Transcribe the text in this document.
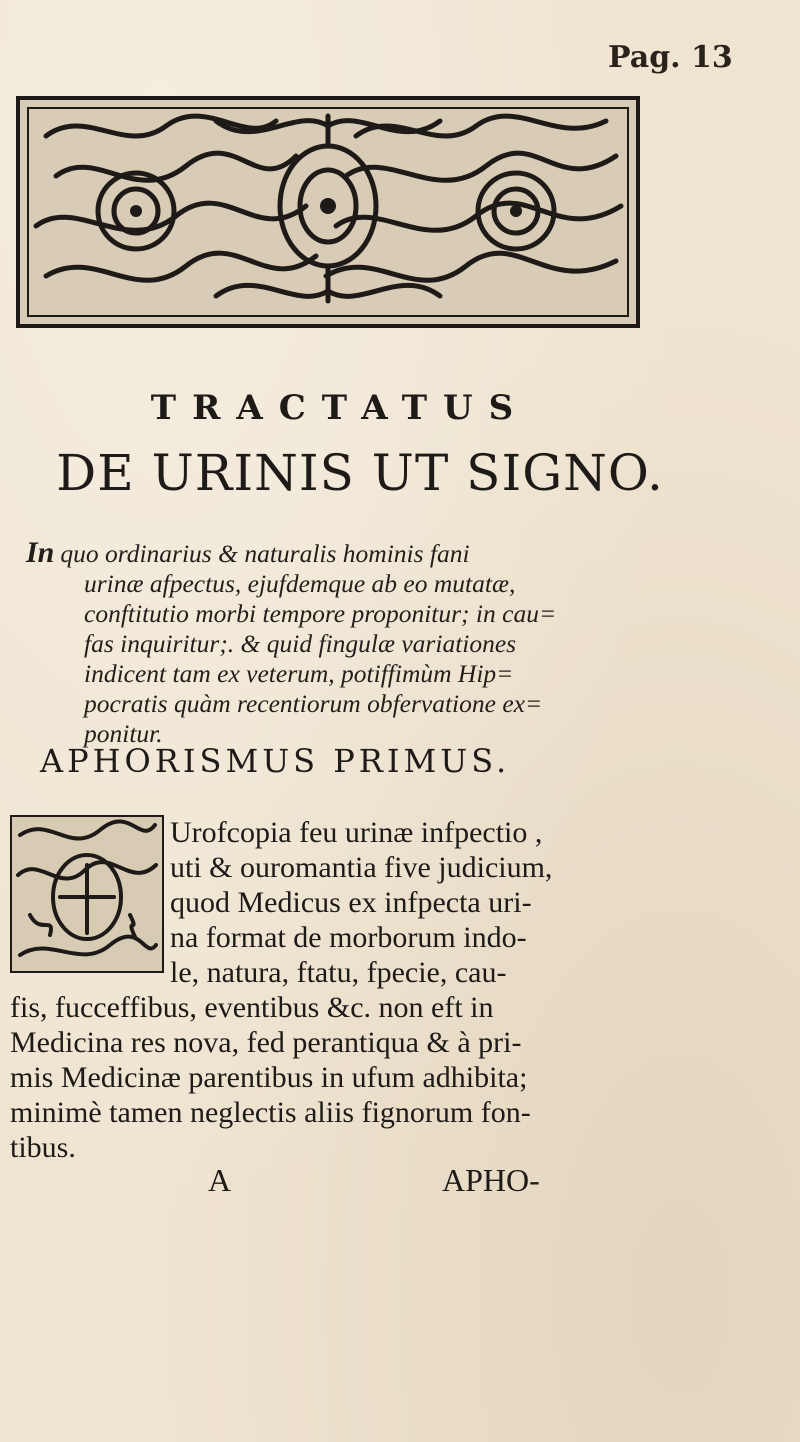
Pag. 13
TRACTATUS
DE URINIS UT SIGNO.
In quo ordinarius & naturalis hominis fani
urinæ afpectus, ejufdemque ab eo mutatæ,
conftitutio morbi tempore proponitur; in cau=
fas inquiritur;. & quid fingulæ variationes
indicent tam ex veterum, potiffimùm Hip=
pocratis quàm recentiorum obfervatione ex=
ponitur.
APHORISMUS PRIMUS.
Urofcopia feu urinæ infpectio ,
uti & ouromantia five judicium,
quod Medicus ex infpecta uri-
na format de morborum indo-
le, natura, ftatu, fpecie, cau-
fis, fucceffibus, eventibus &c. non eft in
Medicina res nova, fed perantiqua & à pri-
mis Medicinæ parentibus in ufum adhibita;
minimè tamen neglectis aliis fignorum fon-
tibus.
A	APHO-
